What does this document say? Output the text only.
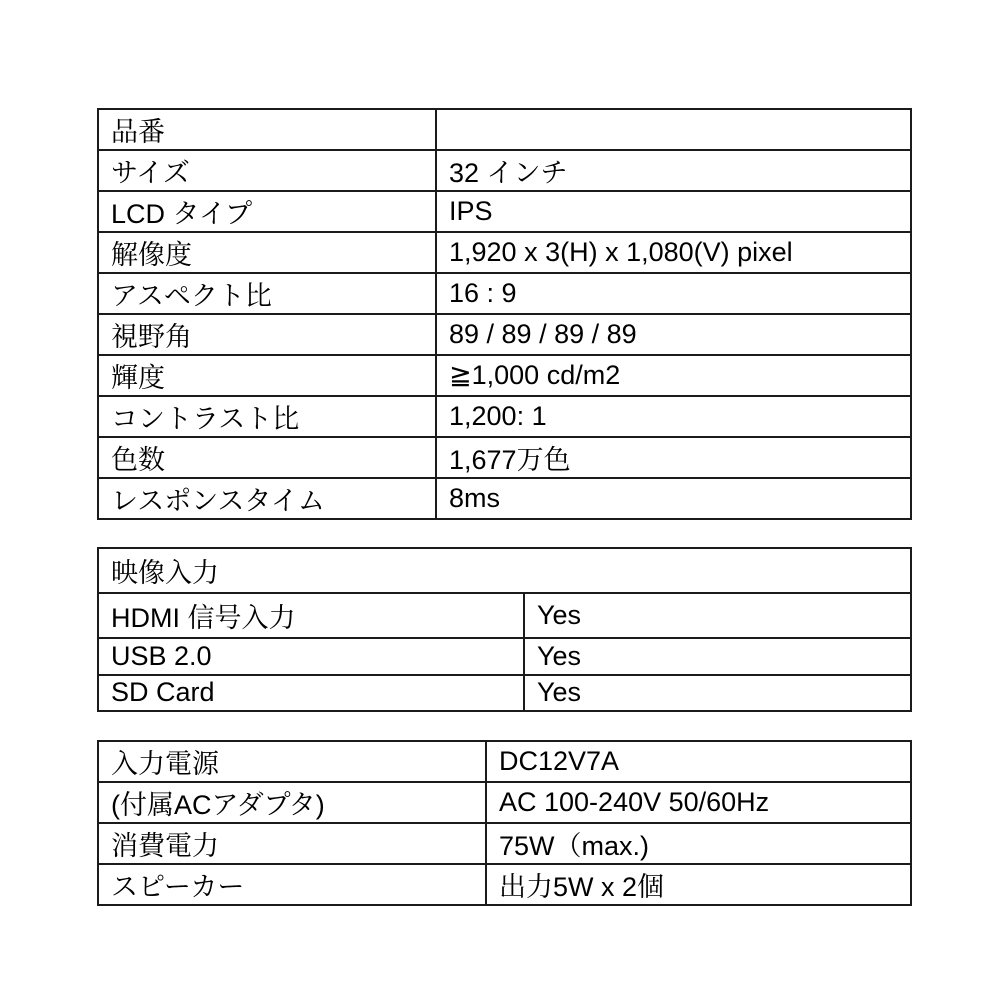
品番	
サイズ	32 インチ
LCD タイプ	IPS
解像度	1,920 x 3(H) x 1,080(V) pixel
アスペクト比	16 : 9
視野角	89 / 89 / 89 / 89
輝度	≧1,000 cd/m2
コントラスト比	1,200: 1
色数	1,677万色
レスポンスタイム	8ms
映像入力	
HDMI 信号入力	Yes
USB 2.0	Yes
SD Card	Yes
入力電源	DC12V7A
(付属ACアダプタ)	AC 100-240V 50/60Hz
消費電力	75W（max.)
スピーカー	出力5W x 2個
